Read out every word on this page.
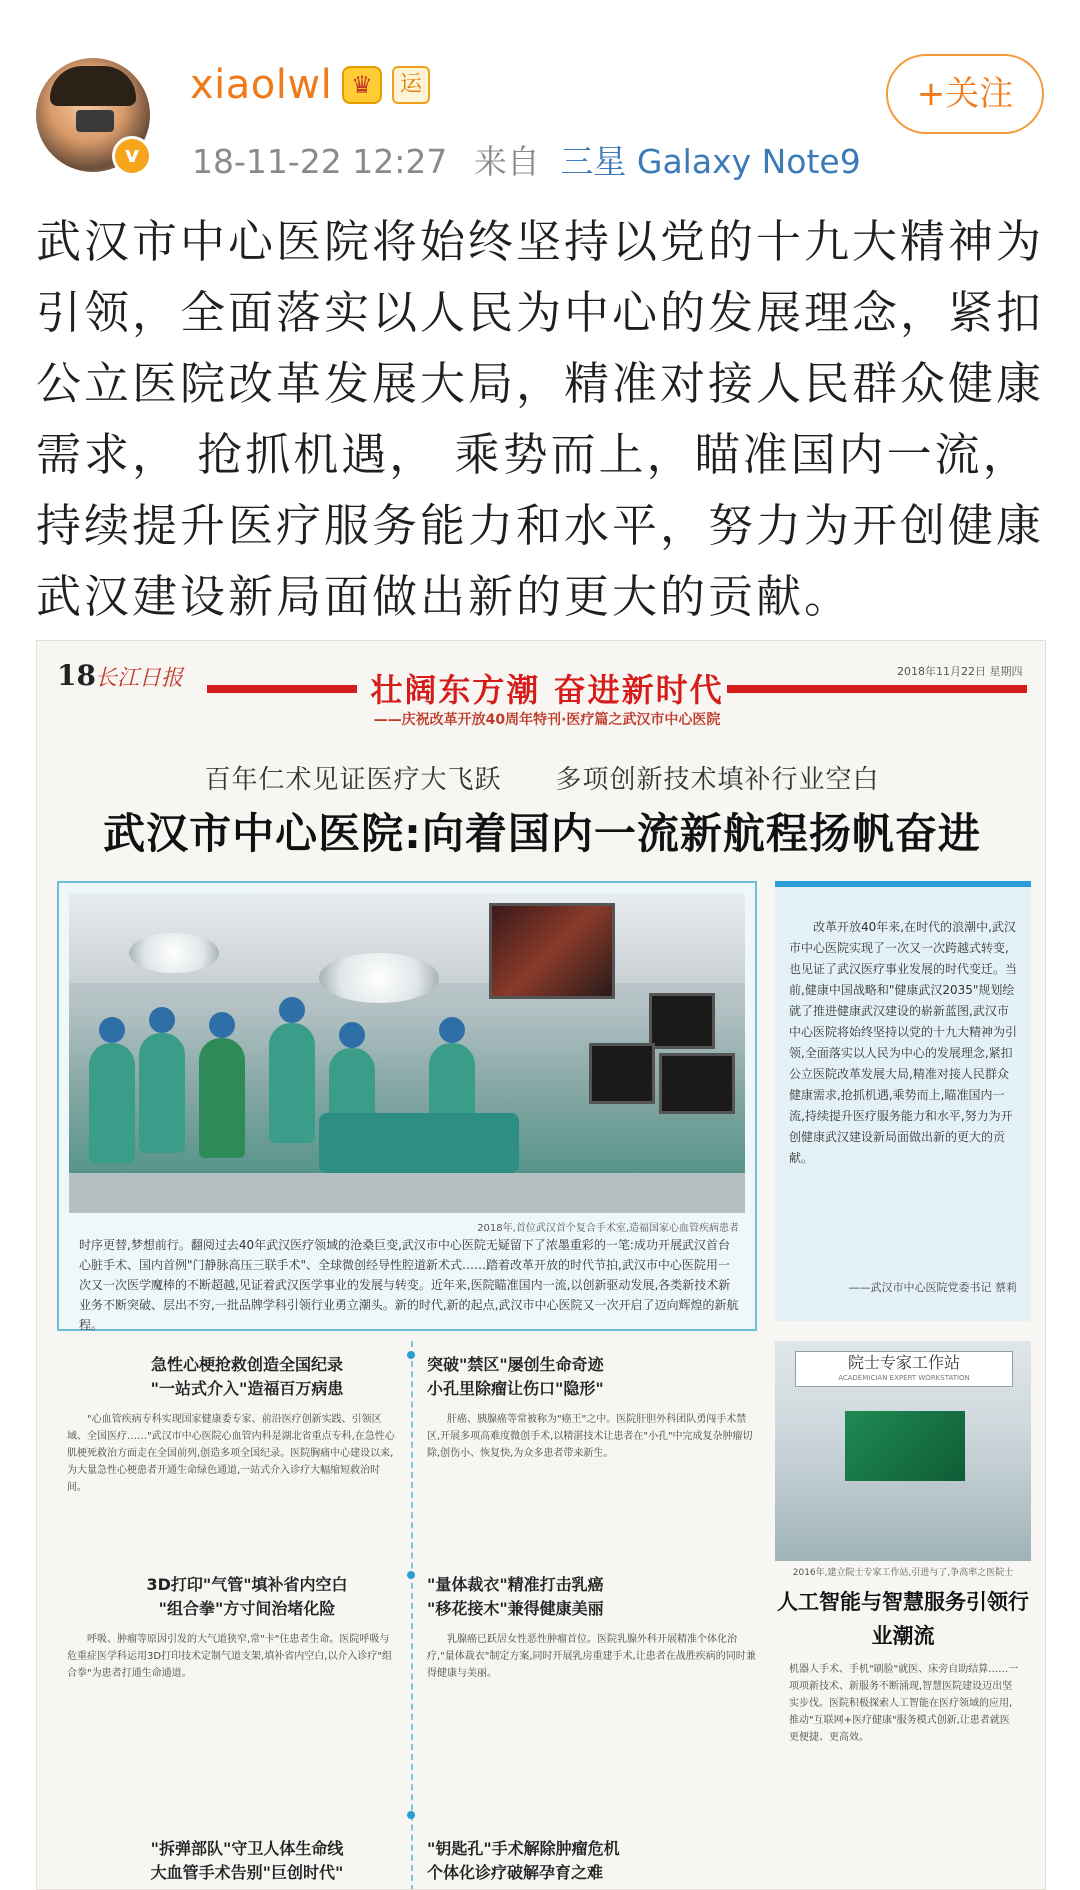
v
xiaolwl ♛	运
18-11-22 12:27 来自 三星 Galaxy Note9
+关注
武汉市中心医院将始终坚持以党的十九大精神为引领，全面落实以人民为中心的发展理念，紧扣公立医院改革发展大局，精准对接人民群众健康需求， 抢抓机遇， 乘势而上，瞄准国内一流，持续提升医疗服务能力和水平，努力为开创健康武汉建设新局面做出新的更大的贡献。
18 长江日报	壮阔东方潮 奋进新时代	2018年11月22日 星期四
——庆祝改革开放40周年特刊·医疗篇之武汉市中心医院
百年仁术见证医疗大飞跃　　多项创新技术填补行业空白
武汉市中心医院:向着国内一流新航程扬帆奋进
2018年,首位武汉首个复合手术室,造福国家心血管疾病患者
时序更替,梦想前行。翻阅过去40年武汉医疗领域的沧桑巨变,武汉市中心医院无疑留下了浓墨重彩的一笔:成功开展武汉首台心脏手术、国内首例"门静脉高压三联手术"、全球微创经导性腔道新术式……踏着改革开放的时代节拍,武汉市中心医院用一次又一次医学魔棒的不断超越,见证着武汉医学事业的发展与转变。近年来,医院瞄准国内一流,以创新驱动发展,各类新技术新业务不断突破、层出不穷,一批品牌学科引领行业勇立潮头。新的时代,新的起点,武汉市中心医院又一次开启了迈向辉煌的新航程。
改革开放40年来,在时代的浪潮中,武汉市中心医院实现了一次又一次跨越式转变,也见证了武汉医疗事业发展的时代变迁。当前,健康中国战略和"健康武汉2035"规划绘就了推进健康武汉建设的崭新蓝图,武汉市中心医院将始终坚持以党的十九大精神为引领,全面落实以人民为中心的发展理念,紧扣公立医院改革发展大局,精准对接人民群众健康需求,抢抓机遇,乘势而上,瞄准国内一流,持续提升医疗服务能力和水平,努力为开创健康武汉建设新局面做出新的更大的贡献。
——武汉市中心医院党委书记 蔡莉
院士专家工作站
ACADEMICIAN EXPERT WORKSTATION
2016年,建立院士专家工作站,引进与了,争高率之医院士
人工智能与智慧服务引领行业潮流
机器人手术、手机"刷脸"就医、床旁自助结算……一项项新技术、新服务不断涌现,智慧医院建设迈出坚实步伐。医院积极探索人工智能在医疗领域的应用,推动"互联网+医疗健康"服务模式创新,让患者就医更便捷、更高效。
急性心梗抢救创造全国纪录
"一站式介入"造福百万病患
"心血管疾病专科实现国家健康委专家、前沿医疗创新实践、引领区域、全国医疗……"武汉市中心医院心血管内科是湖北省重点专科,在急性心肌梗死救治方面走在全国前列,创造多项全国纪录。医院胸痛中心建设以来,为大量急性心梗患者开通生命绿色通道,一站式介入诊疗大幅缩短救治时间。
突破"禁区"屡创生命奇迹
小孔里除瘤让伤口"隐形"
肝癌、胰腺癌等常被称为"癌王"之中。医院肝胆外科团队勇闯手术禁区,开展多项高难度微创手术,以精湛技术让患者在"小孔"中完成复杂肿瘤切除,创伤小、恢复快,为众多患者带来新生。
3D打印"气管"填补省内空白
"组合拳"方寸间治堵化险
呼吸、肿瘤等原因引发的大气道狭窄,常"卡"住患者生命。医院呼吸与危重症医学科运用3D打印技术定制气道支架,填补省内空白,以介入诊疗"组合拳"为患者打通生命通道。
"量体裁衣"精准打击乳癌
"移花接木"兼得健康美丽
乳腺癌已跃居女性恶性肿瘤首位。医院乳腺外科开展精准个体化治疗,"量体裁衣"制定方案,同时开展乳房重建手术,让患者在战胜疾病的同时兼得健康与美丽。
"拆弹部队"守卫人体生命线
大血管手术告别"巨创时代"
"钥匙孔"手术解除肿瘤危机
个体化诊疗破解孕育之难
